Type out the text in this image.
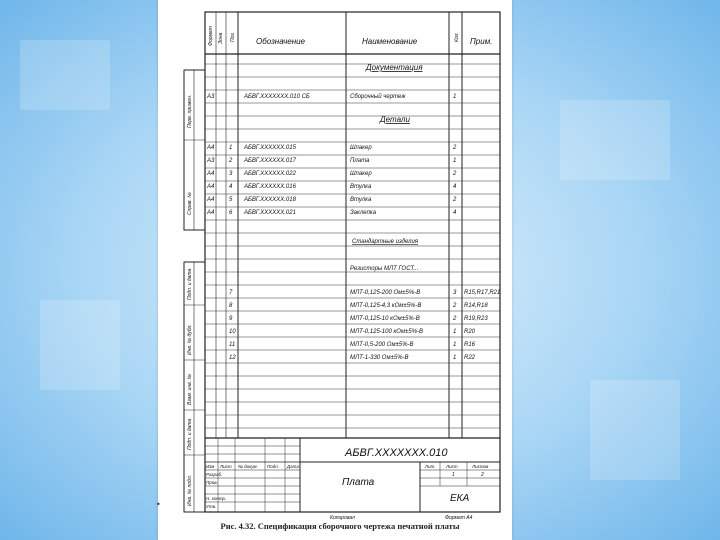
•
Формат Зона Поз.	Обозначение	Наименование	Кол. Прим.
Документация
Детали
Стандартные изделия
А3	АБВГ.XXXXXXX.010 СБ	Сборочный чертеж	1
А4 1 АБВГ.XXXXXX.015	Шпакер	2
А3 2 АБВГ.XXXXXX.017	Плата	1
А4 3 АБВГ.XXXXXX.022	Шпакер	2
А4 4 АБВГ.XXXXXX.016	Втулка	4
А4 5 АБВГ.XXXXXX.018	Втулка	2
А4 6 АБВГ.XXXXXX.021	Заклепка	4
Резисторы МЛТ ГОСТ...
7	МЛТ-0,125-200 Ом±5%-В	3 R15,R17,R21
8	МЛТ-0,125-4,3 кОм±5%-В	2 R14,R18
9	МЛТ-0,125-10 кОм±5%-В	2 R19,R23
10	МЛТ-0,125-100 кОм±5%-В	1 R20
11	МЛТ-0,5-200 Ом±5%-В	1 R16
12	МЛТ-1-330 Ом±5%-В	1 R22
Перв. примен.
Справ. №
Подп. и дата
Инв. № дубл.
Взам. инв. №
Подп. и дата
Инв. № подл.
АБВГ.XXXXXXX.010
Плата
ЕКА
Изм Лист № докум. Подп. Дата
Разраб.
Пров.
Н. контр.
Утв.
Лит. Лист	Листов
1	2
Копировал	Формат А4
Рис. 4.32. Спецификация сборочного чертежа печатной платы
